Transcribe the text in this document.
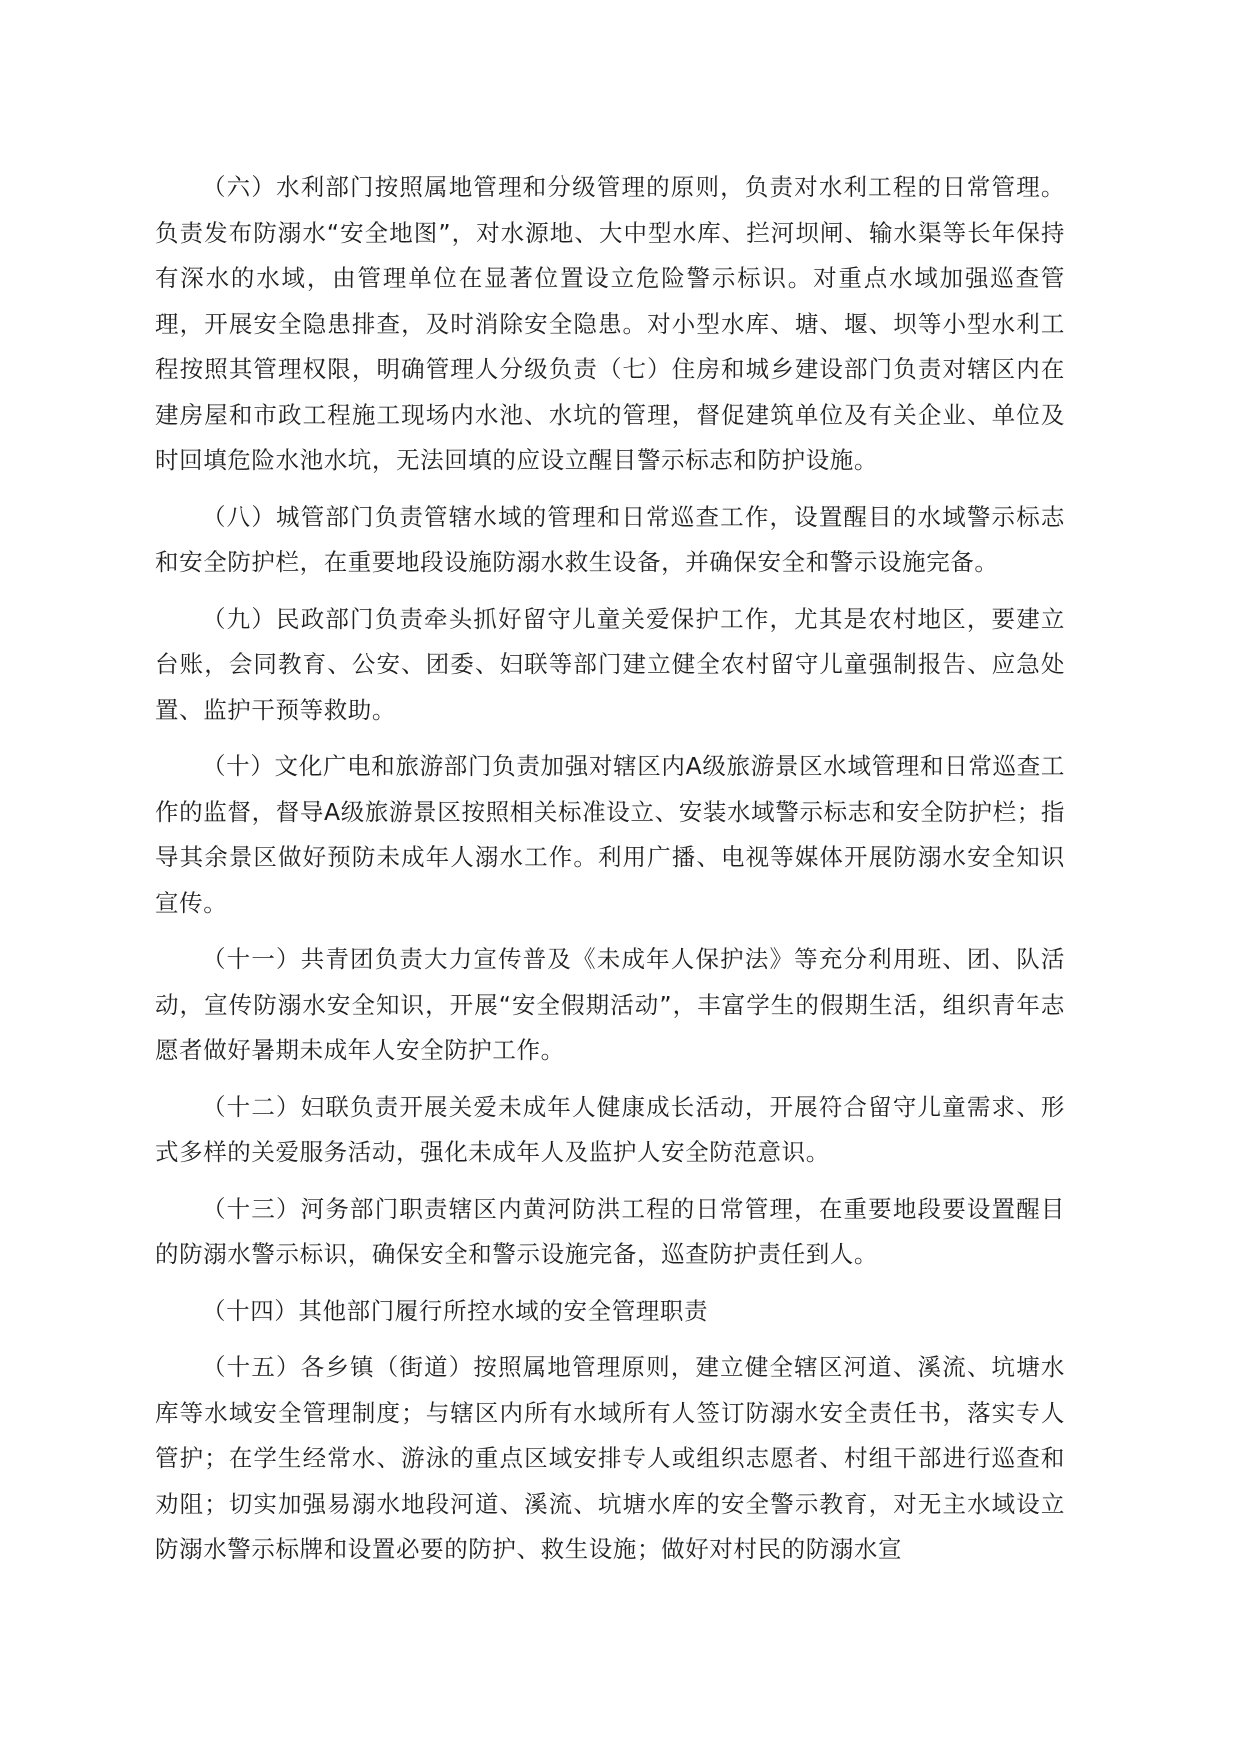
（六）水利部门按照属地管理和分级管理的原则，负责对水利工程的日常管理。负责发布防溺水“安全地图”，对水源地、大中型水库、拦河坝闸、输水渠等长年保持有深水的水域，由管理单位在显著位置设立危险警示标识。对重点水域加强巡查管理，开展安全隐患排查，及时消除安全隐患。对小型水库、塘、堰、坝等小型水利工程按照其管理权限，明确管理人分级负责（七）住房和城乡建设部门负责对辖区内在建房屋和市政工程施工现场内水池、水坑的管理，督促建筑单位及有关企业、单位及时回填危险水池水坑，无法回填的应设立醒目警示标志和防护设施。

（八）城管部门负责管辖水域的管理和日常巡查工作，设置醒目的水域警示标志和安全防护栏，在重要地段设施防溺水救生设备，并确保安全和警示设施完备。

（九）民政部门负责牵头抓好留守儿童关爱保护工作，尤其是农村地区，要建立台账，会同教育、公安、团委、妇联等部门建立健全农村留守儿童强制报告、应急处置、监护干预等救助。

（十）文化广电和旅游部门负责加强对辖区内A级旅游景区水域管理和日常巡查工作的监督，督导A级旅游景区按照相关标准设立、安装水域警示标志和安全防护栏；指导其余景区做好预防未成年人溺水工作。利用广播、电视等媒体开展防溺水安全知识宣传。

（十一）共青团负责大力宣传普及《未成年人保护法》等充分利用班、团、队活动，宣传防溺水安全知识，开展“安全假期活动”，丰富学生的假期生活，组织青年志愿者做好暑期未成年人安全防护工作。

（十二）妇联负责开展关爱未成年人健康成长活动，开展符合留守儿童需求、形式多样的关爱服务活动，强化未成年人及监护人安全防范意识。

（十三）河务部门职责辖区内黄河防洪工程的日常管理，在重要地段要设置醒目的防溺水警示标识，确保安全和警示设施完备，巡查防护责任到人。

（十四）其他部门履行所控水域的安全管理职责

（十五）各乡镇（街道）按照属地管理原则，建立健全辖区河道、溪流、坑塘水库等水域安全管理制度；与辖区内所有水域所有人签订防溺水安全责任书，落实专人管护；在学生经常水、游泳的重点区域安排专人或组织志愿者、村组干部进行巡查和劝阻；切实加强易溺水地段河道、溪流、坑塘水库的安全警示教育，对无主水域设立防溺水警示标牌和设置必要的防护、救生设施；做好对村民的防溺水宣
